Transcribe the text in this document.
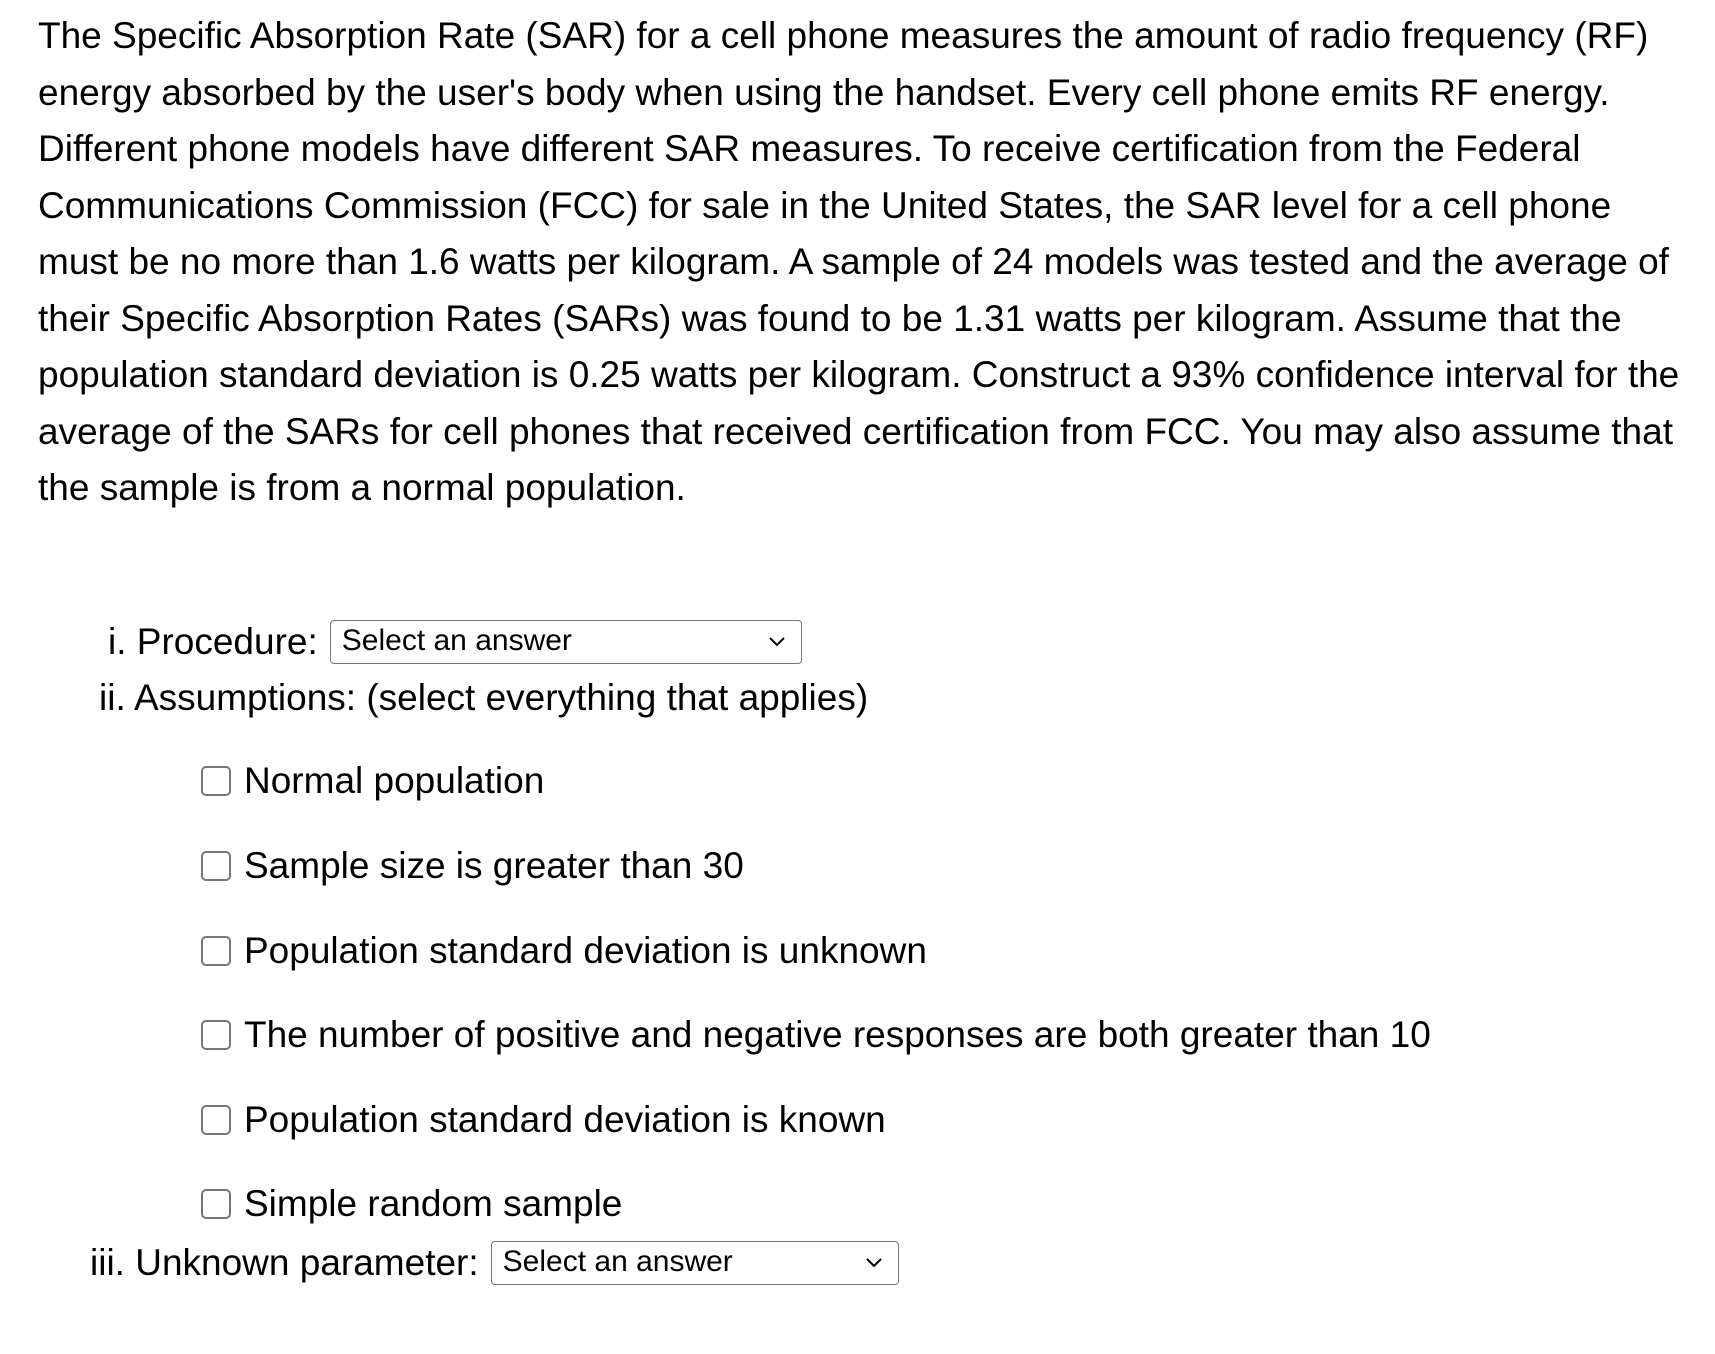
The Specific Absorption Rate (SAR) for a cell phone measures the amount of radio frequency (RF) energy absorbed by the user's body when using the handset. Every cell phone emits RF energy. Different phone models have different SAR measures. To receive certification from the Federal Communications Commission (FCC) for sale in the United States, the SAR level for a cell phone must be no more than 1.6 watts per kilogram. A sample of 24 models was tested and the average of their Specific Absorption Rates (SARs) was found to be 1.31 watts per kilogram. Assume that the population standard deviation is 0.25 watts per kilogram. Construct a 93% confidence interval for the average of the SARs for cell phones that received certification from FCC. You may also assume that the sample is from a normal population.

i. Procedure: Select an answer
ii. Assumptions: (select everything that applies)
Normal population
Sample size is greater than 30
Population standard deviation is unknown
The number of positive and negative responses are both greater than 10
Population standard deviation is known
Simple random sample
iii. Unknown parameter: Select an answer
